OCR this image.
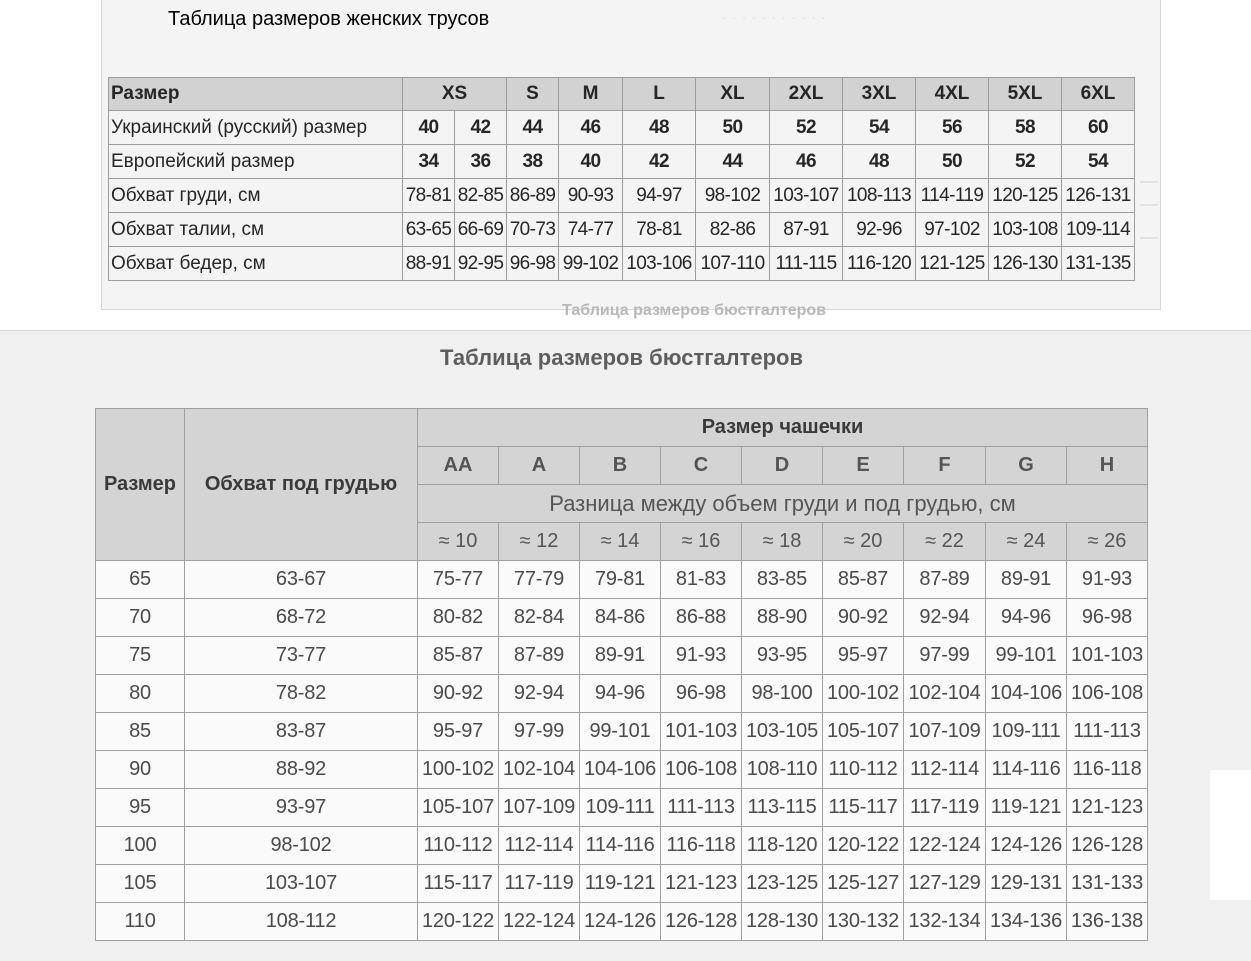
Таблица размеров женских трусов	· · · · · · · · · · ·
Таблица размеров бюстгалтеров
Размер	XS		S	M	L	XL	2XL	3XL	4XL	5XL	6XL
Украинский (русский) размер	40	42	44	46	48	50	52	54	56	58	60
Европейский размер	34	36	38	40	42	44	46	48	50	52	54
Обхват груди, см	78-81	82-85	86-89	90-93	94-97	98-102	103-107	108-113	114-119	120-125	126-131
Обхват талии, см	63-65	66-69	70-73	74-77	78-81	82-86	87-91	92-96	97-102	103-108	109-114
Обхват бедер, см	88-91	92-95	96-98	99-102	103-106	107-110	111-115	116-120	121-125	126-130	131-135
Таблица размеров бюстгалтеров
Размер	Обхват под грудью	Размер чашечки								
		AA	A	B	C	D	E	F	G	H
		Разница между объем груди и под грудью, см								
		≈ 10	≈ 12	≈ 14	≈ 16	≈ 18	≈ 20	≈ 22	≈ 24	≈ 26
65	63-67	75-77	77-79	79-81	81-83	83-85	85-87	87-89	89-91	91-93
70	68-72	80-82	82-84	84-86	86-88	88-90	90-92	92-94	94-96	96-98
75	73-77	85-87	87-89	89-91	91-93	93-95	95-97	97-99	99-101	101-103
80	78-82	90-92	92-94	94-96	96-98	98-100	100-102	102-104	104-106	106-108
85	83-87	95-97	97-99	99-101	101-103	103-105	105-107	107-109	109-111	111-113
90	88-92	100-102	102-104	104-106	106-108	108-110	110-112	112-114	114-116	116-118
95	93-97	105-107	107-109	109-111	111-113	113-115	115-117	117-119	119-121	121-123
100	98-102	110-112	112-114	114-116	116-118	118-120	120-122	122-124	124-126	126-128
105	103-107	115-117	117-119	119-121	121-123	123-125	125-127	127-129	129-131	131-133
110	108-112	120-122	122-124	124-126	126-128	128-130	130-132	132-134	134-136	136-138
